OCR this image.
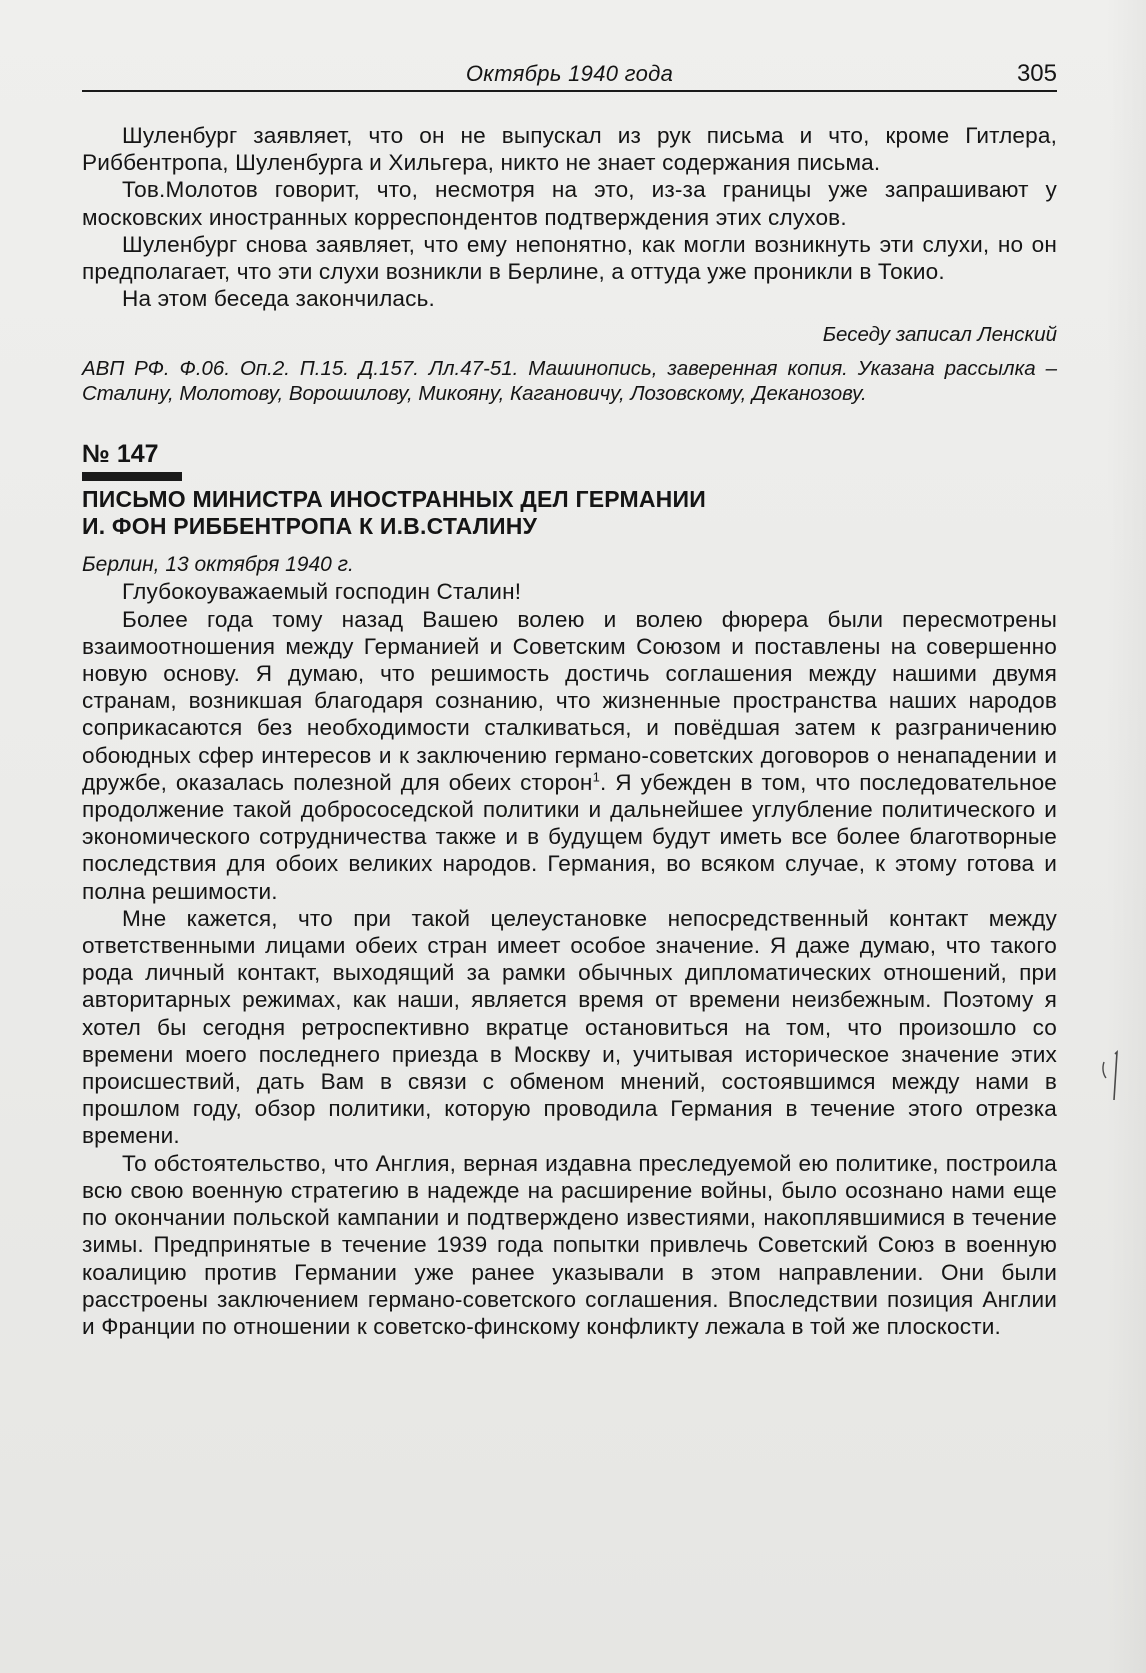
Октябрь 1940 года	305

Шуленбург заявляет, что он не выпускал из рук письма и что, кроме Гитлера, Риббентропа, Шуленбурга и Хильгера, никто не знает содержания письма.

Тов.Молотов говорит, что, несмотря на это, из-за границы уже запрашивают у московских иностранных корреспондентов подтверждения этих слухов.

Шуленбург снова заявляет, что ему непонятно, как могли возникнуть эти слухи, но он предполагает, что эти слухи возникли в Берлине, а оттуда уже проникли в Токио.

На этом беседа закончилась.

Беседу записал Ленский
АВП РФ. Ф.06. Оп.2. П.15. Д.157. Лл.47-51. Машинопись, заверенная копия. Указана рассылка – Сталину, Молотову, Ворошилову, Микояну, Кагановичу, Лозовскому, Деканозову.
№ 147
ПИСЬМО МИНИСТРА ИНОСТРАННЫХ ДЕЛ ГЕРМАНИИ
И. ФОН РИББЕНТРОПА К И.В.СТАЛИНУ
Берлин, 13 октября 1940 г.

Глубокоуважаемый господин Сталин!

Более года тому назад Вашею волею и волею фюрера были пересмотрены взаимоотношения между Германией и Советским Союзом и поставлены на совершенно новую основу. Я думаю, что решимость достичь соглашения между нашими двумя странам, возникшая благодаря сознанию, что жизненные пространства наших народов соприкасаются без необходимости сталкиваться, и повёдшая затем к разграничению обоюдных сфер интересов и к заключению германо-советских договоров о ненападении и дружбе, оказалась полезной для обеих сторон$^1$. Я убежден в том, что последовательное продолжение такой добрососедской политики и дальнейшее углубление политического и экономического сотрудничества также и в будущем будут иметь все более благотворные последствия для обоих великих народов. Германия, во всяком случае, к этому готова и полна решимости.

Мне кажется, что при такой целеустановке непосредственный контакт между ответственными лицами обеих стран имеет особое значение. Я даже думаю, что такого рода личный контакт, выходящий за рамки обычных дипломатических отношений, при авторитарных режимах, как наши, является время от времени неизбежным. Поэтому я хотел бы сегодня ретроспективно вкратце остановиться на том, что произошло со времени моего последнего приезда в Москву и, учитывая историческое значение этих происшествий, дать Вам в связи с обменом мнений, состоявшимся между нами в прошлом году, обзор политики, которую проводила Германия в течение этого отрезка времени.

То обстоятельство, что Англия, верная издавна преследуемой ею политике, построила всю свою военную стратегию в надежде на расширение войны, было осознано нами еще по окончании польской кампании и подтверждено известиями, накоплявшимися в течение зимы. Предпринятые в течение 1939 года попытки привлечь Советский Союз в военную коалицию против Германии уже ранее указывали в этом направлении. Они были расстроены заключением германо-советского соглашения. Впоследствии позиция Англии и Франции по отношении к советско-финскому конфликту лежала в той же плоскости.
